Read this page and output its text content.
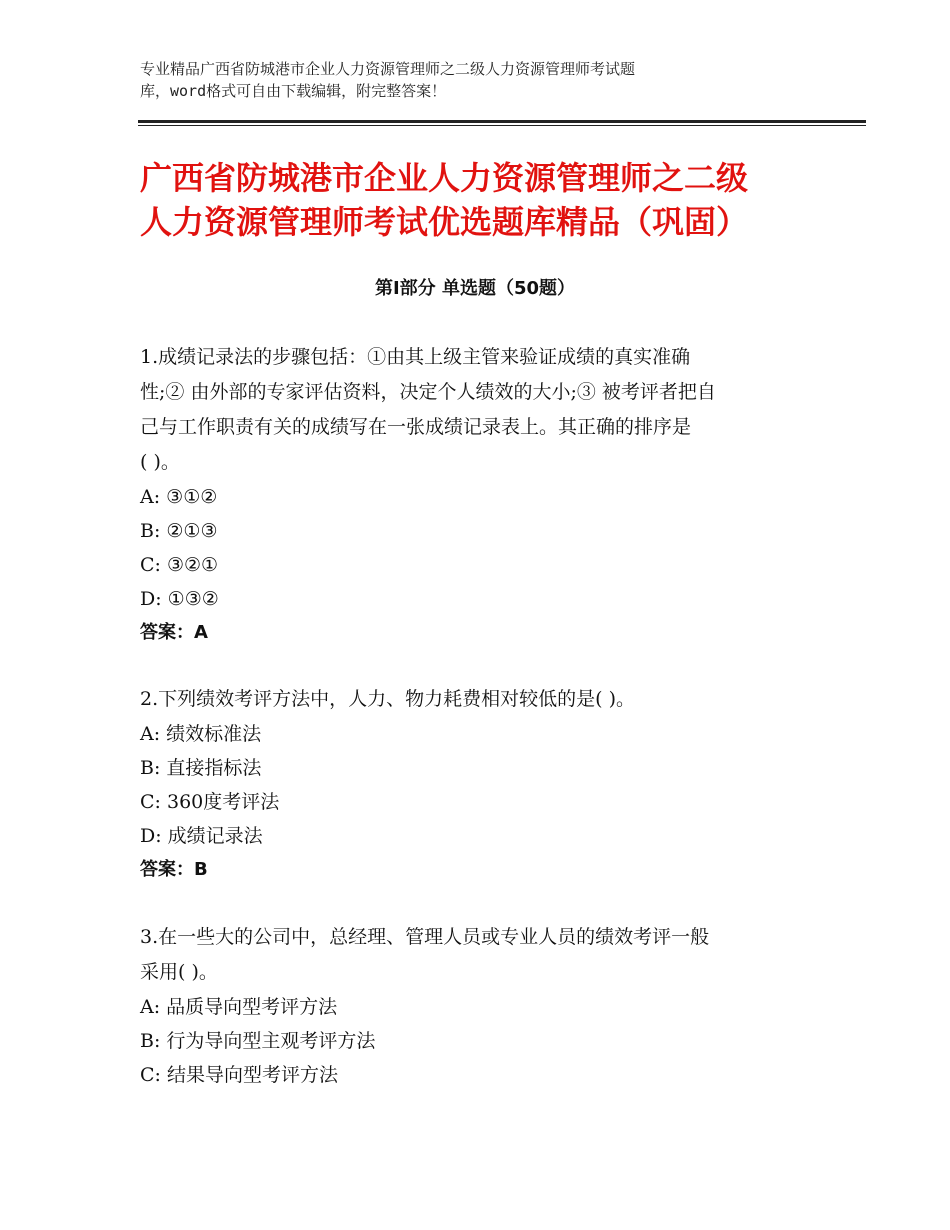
专业精品广西省防城港市企业人力资源管理师之二级人力资源管理师考试题
库，word格式可自由下载编辑，附完整答案！
广西省防城港市企业人力资源管理师之二级
人力资源管理师考试优选题库精品（巩固）
第Ⅰ部分 单选题（50题）
1.成绩记录法的步骤包括：①由其上级主管来验证成绩的真实准确
性;② 由外部的专家评估资料，决定个人绩效的大小;③ 被考评者把自
己与工作职责有关的成绩写在一张成绩记录表上。其正确的排序是
( )。
A: ③①②
B: ②①③
C: ③②①
D: ①③②
答案：A
2.下列绩效考评方法中，人力、物力耗费相对较低的是( )。
A: 绩效标准法
B: 直接指标法
C: 360度考评法
D: 成绩记录法
答案：B
3.在一些大的公司中，总经理、管理人员或专业人员的绩效考评一般
采用( )。
A: 品质导向型考评方法
B: 行为导向型主观考评方法
C: 结果导向型考评方法
